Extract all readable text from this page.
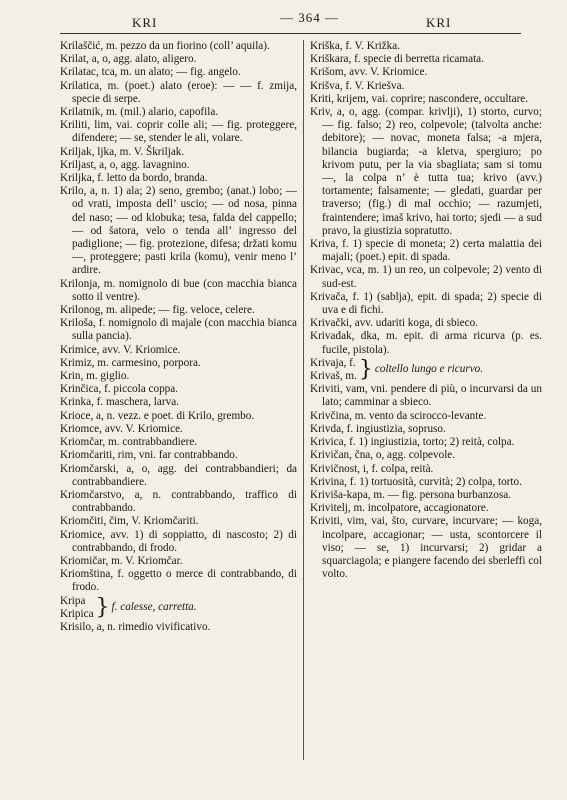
KRI	— 364 —	KRI

Krilaščić, m. pezzo da un fiorino (coll’ aquila).

Krilat, a, o, agg. alato, aligero.

Krilatac, tca, m. un alato; — fig. angelo.

Krilatica, m. (poet.) alato (eroe): — — f. zmija, specie di serpe.

Krilatnik, m. (mil.) alario, capofila.

Kriliti, lim, vai. coprir colle ali; — fig. proteggere, difendere; — se, stender le ali, volare.

Kriljak, ljka, m. V. Škriljak.

Kriljast, a, o, agg. lavagnino.

Kriljka, f. letto da bordo, branda.

Krilo, a, n. 1) ala; 2) seno, grembo; (anat.) lobo; — od vrati, imposta dell’ uscio; — od nosa, pinna del naso; — od klobuka; tesa, falda del cappello; — od šatora, velo o tenda all’ ingresso del padiglione; — fig. protezione, difesa; držati komu —, proteggere; pasti krila (komu), venir meno l’ ardire.

Krilonja, m. nomignolo di bue (con macchia bianca sotto il ventre).

Krilonog, m. alipede; — fig. veloce, celere.

Kriloša, f. nomignolo di majale (con macchia bianca sulla pancia).

Krimice, avv. V. Kriomice.

Krimiz, m. carmesino, porpora.

Krin, m. giglio.

Krinčica, f. piccola coppa.

Krinka, f. maschera, larva.

Krioce, a, n. vezz. e poet. di Krilo, grembo.

Kriomce, avv. V. Kriomice.

Kriomčar, m. contrabbandiere.

Kriomčariti, rim, vni. far contrabbando.

Kriomčarski, a, o, agg. dei contrabbandieri; da contrabbandiere.

Kriomčarstvo, a, n. contrabbando, traffico di contrabbando.

Kriomčiti, čim, V. Kriomčariti.

Kriomice, avv. 1) di soppiatto, di nascosto; 2) di contrabbando, di frodo.

Kriomičar, m. V. Kriomčar.

Kriomština, f. oggetto o merce di contrabbando, di frodo.

Kripa
Kripica } f. calesse, carretta.

Krisilo, a, n. rimedio vivificativo.

Kriška, f. V. Križka.

Kriškara, f. specie di berretta ricamata.

Krišom, avv. V. Kriomice.

Krišva, f. V. Kriešva.

Kriti, krijem, vai. coprire; nascondere, occultare.

Kriv, a, o, agg. (compar. krivlji), 1) storto, curvo; — fig. falso; 2) reo, colpevole; (talvolta anche: debitore); — novac, moneta falsa; -a mjera, bilancia bugiarda; -a kletva, spergiuro; po krivom putu, per la via sbagliata; sam si tomu —, la colpa n’ è tutta tua; krivo (avv.) tortamente; falsamente; — gledati, guardar per traverso; (fig.) di mal occhio; — razumjeti, fraintendere; imaš krivo, hai torto; sjedi — a sud pravo, la giustizia sopratutto.

Kriva, f. 1) specie di moneta; 2) certa malattia dei majali; (poet.) epit. di spada.

Krivac, vca, m. 1) un reo, un colpevole; 2) vento di sud-est.

Krivača, f. 1) (sablja), epit. di spada; 2) specie di uva e di fichi.

Krivački, avv. udariti koga, di sbieco.

Krivadak, dka, m. epit. di arma ricurva (p. es. fucile, pistola).

Krivaja, f.
Krivaš, m. } coltello lungo e ricurvo.

Kriviti, vam, vni. pendere di più, o incurvarsi da un lato; camminar a sbieco.

Krivčina, m. vento da scirocco-levante.

Krivda, f. ingiustizia, sopruso.

Krivica, f. 1) ingiustizia, torto; 2) reità, colpa.

Krivičan, čna, o, agg. colpevole.

Krivičnost, i, f. colpa, reità.

Krivina, f. 1) tortuosità, curvità; 2) colpa, torto.

Kriviša-kapa, m. — fig. persona burbanzosa.

Krivitelj, m. incolpatore, accagionatore.

Kriviti, vim, vai, što, curvare, incurvare; — koga, incolpare, accagionar; — usta, scontorcere il viso; — se, 1) incurvarsi; 2) gridar a squarciagola; e piangere facendo dei sberleffi col volto.
